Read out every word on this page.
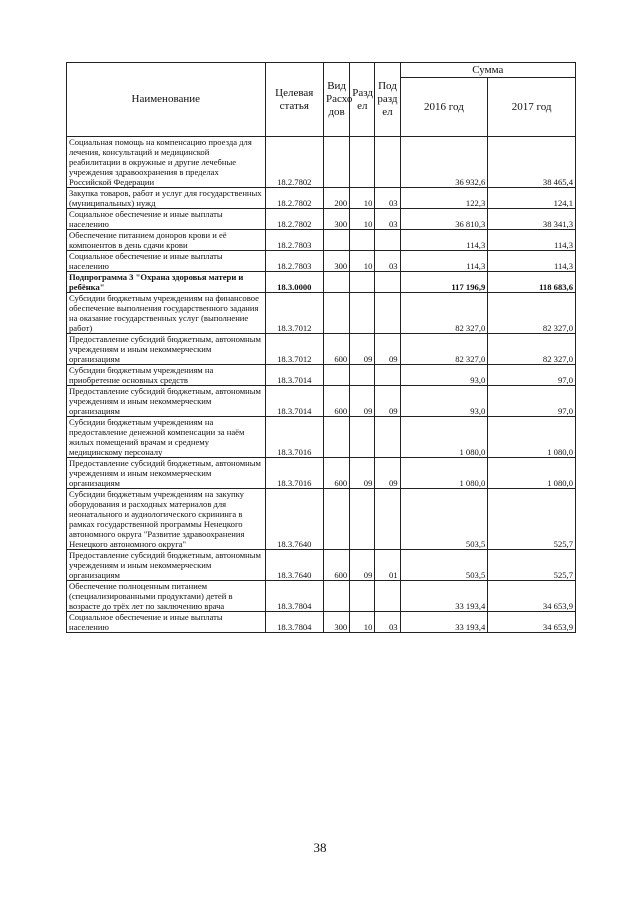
Наименование	Целевая статья	Вид Расхо дов	Разд ел	Под разд ел	Сумма	
					2016 год	2017 год
Социальная помощь на компенсацию проезда для лечения, консультаций и медицинской реабилитации в окружные и другие лечебные учреждения здравоохранения в пределах Российской Федерации	18.2.7802				36 932,6	38 465,4
Закупка товаров, работ и услуг для государственных (муниципальных) нужд	18.2.7802	200	10	03	122,3	124,1
Социальное обеспечение и иные выплаты населению	18.2.7802	300	10	03	36 810,3	38 341,3
Обеспечение питанием доноров крови и её компонентов в день сдачи крови	18.2.7803				114,3	114,3
Социальное обеспечение и иные выплаты населению	18.2.7803	300	10	03	114,3	114,3
Подпрограмма 3 "Охрана здоровья матери и ребёнка"	18.3.0000				117 196,9	118 683,6
Субсидии бюджетным учреждениям на финансовое обеспечение выполнения государственного задания на оказание государственных услуг (выполнение работ)	18.3.7012				82 327,0	82 327,0
Предоставление субсидий бюджетным, автономным учреждениям и иным некоммерческим организациям	18.3.7012	600	09	09	82 327,0	82 327,0
Субсидии бюджетным учреждениям на приобретение основных средств	18.3.7014				93,0	97,0
Предоставление субсидий бюджетным, автономным учреждениям и иным некоммерческим организациям	18.3.7014	600	09	09	93,0	97,0
Субсидии бюджетным учреждениям на предоставление денежной компенсации за наём жилых помещений врачам и среднему медицинскому персоналу	18.3.7016				1 080,0	1 080,0
Предоставление субсидий бюджетным, автономным учреждениям и иным некоммерческим организациям	18.3.7016	600	09	09	1 080,0	1 080,0
Субсидии бюджетным учреждениям на закупку оборудования и расходных материалов для неонатального и аудиологического скрининга в рамках государственной программы Ненецкого автономного округа "Развитие здравоохранения Ненецкого автономного округа"	18.3.7640				503,5	525,7
Предоставление субсидий бюджетным, автономным учреждениям и иным некоммерческим организациям	18.3.7640	600	09	01	503,5	525,7
Обеспечение полноценным питанием (специализированными продуктами) детей в возрасте до трёх лет по заключению врача	18.3.7804				33 193,4	34 653,9
Социальное обеспечение и иные выплаты населению	18.3.7804	300	10	03	33 193,4	34 653,9
38
